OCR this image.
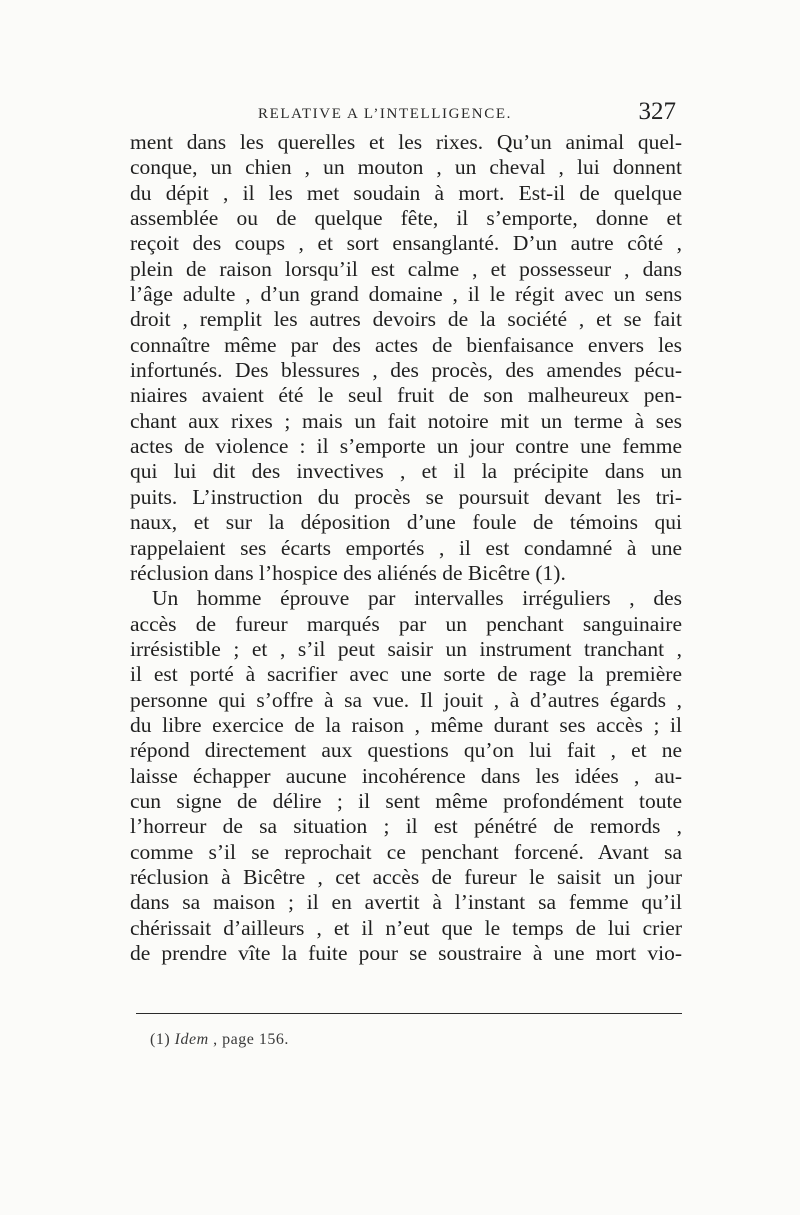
RELATIVE A L’INTELLIGENCE.	327
ment dans les querelles et les rixes. Qu’un animal quel-
conque, un chien , un mouton , un cheval , lui donnent
du dépit , il les met soudain à mort. Est-il de quelque
assemblée ou de quelque fête, il s’emporte, donne et
reçoit des coups , et sort ensanglanté. D’un autre côté ,
plein de raison lorsqu’il est calme , et possesseur , dans
l’âge adulte , d’un grand domaine , il le régit avec un sens
droit , remplit les autres devoirs de la société , et se fait
connaître même par des actes de bienfaisance envers les
infortunés. Des blessures , des procès, des amendes pécu-
niaires avaient été le seul fruit de son malheureux pen-
chant aux rixes ; mais un fait notoire mit un terme à ses
actes de violence : il s’emporte un jour contre une femme
qui lui dit des invectives , et il la précipite dans un
puits. L’instruction du procès se poursuit devant les tri-
naux, et sur la déposition d’une foule de témoins qui
rappelaient ses écarts emportés , il est condamné à une
réclusion dans l’hospice des aliénés de Bicêtre (1).
Un homme éprouve par intervalles irréguliers , des
accès de fureur marqués par un penchant sanguinaire
irrésistible ; et , s’il peut saisir un instrument tranchant ,
il est porté à sacrifier avec une sorte de rage la première
personne qui s’offre à sa vue. Il jouit , à d’autres égards ,
du libre exercice de la raison , même durant ses accès ; il
répond directement aux questions qu’on lui fait , et ne
laisse échapper aucune incohérence dans les idées , au-
cun signe de délire ; il sent même profondément toute
l’horreur de sa situation ; il est pénétré de remords ,
comme s’il se reprochait ce penchant forcené. Avant sa
réclusion à Bicêtre , cet accès de fureur le saisit un jour
dans sa maison ; il en avertit à l’instant sa femme qu’il
chérissait d’ailleurs , et il n’eut que le temps de lui crier
de prendre vîte la fuite pour se soustraire à une mort vio-
(1) Idem , page 156.
